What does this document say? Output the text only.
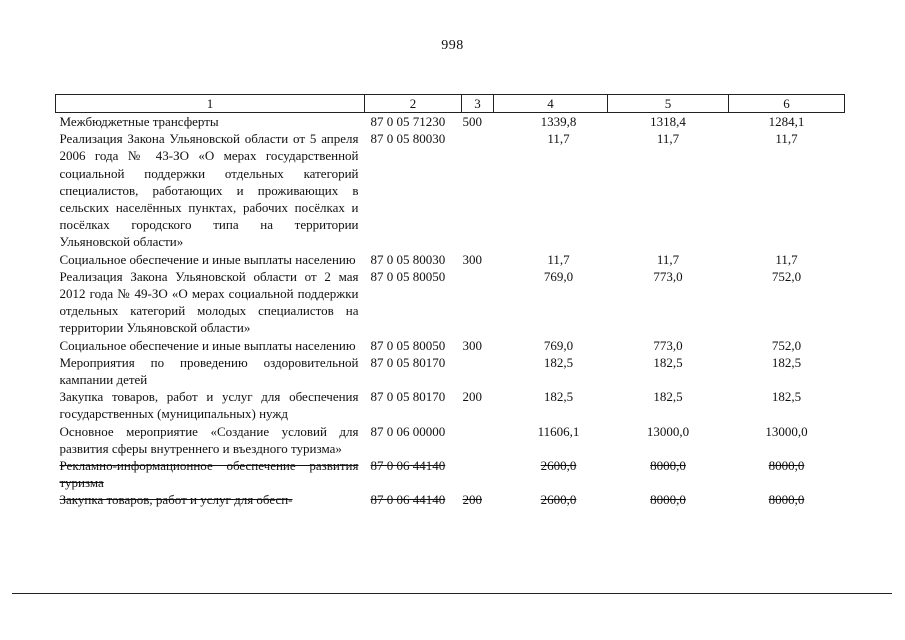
998
1	2	3	4	5	6
Межбюджетные трансферты	87 0 05 71230	500	1339,8	1318,4	1284,1
Реализация Закона Ульяновской области от 5 апреля 2006 года № 43-ЗО «О мерах государственной социальной поддержки отдельных категорий специалистов, работающих и проживающих в сельских населённых пунктах, рабочих посёлках и посёлках городского типа на территории Ульяновской области»	87 0 05 80030		11,7	11,7	11,7
Социальное обеспечение и иные выплаты населению	87 0 05 80030	300	11,7	11,7	11,7
Реализация Закона Ульяновской области от 2 мая 2012 года № 49-ЗО «О мерах социальной поддержки отдельных категорий молодых специалистов на территории Ульяновской области»	87 0 05 80050		769,0	773,0	752,0
Социальное обеспечение и иные выплаты населению	87 0 05 80050	300	769,0	773,0	752,0
Мероприятия по проведению оздоровительной кампании детей	87 0 05 80170		182,5	182,5	182,5
Закупка товаров, работ и услуг для обеспечения государственных (муниципальных) нужд	87 0 05 80170	200	182,5	182,5	182,5
Основное мероприятие «Создание условий для развития сферы внутреннего и въездного туризма»	87 0 06 00000		11606,1	13000,0	13000,0
Рекламно-информационное обеспечение развития туризма	87 0 06 44140		2600,0	8000,0	8000,0
Закупка товаров, работ и услуг для обесп-	87 0 06 44140	200	2600,0	8000,0	8000,0
